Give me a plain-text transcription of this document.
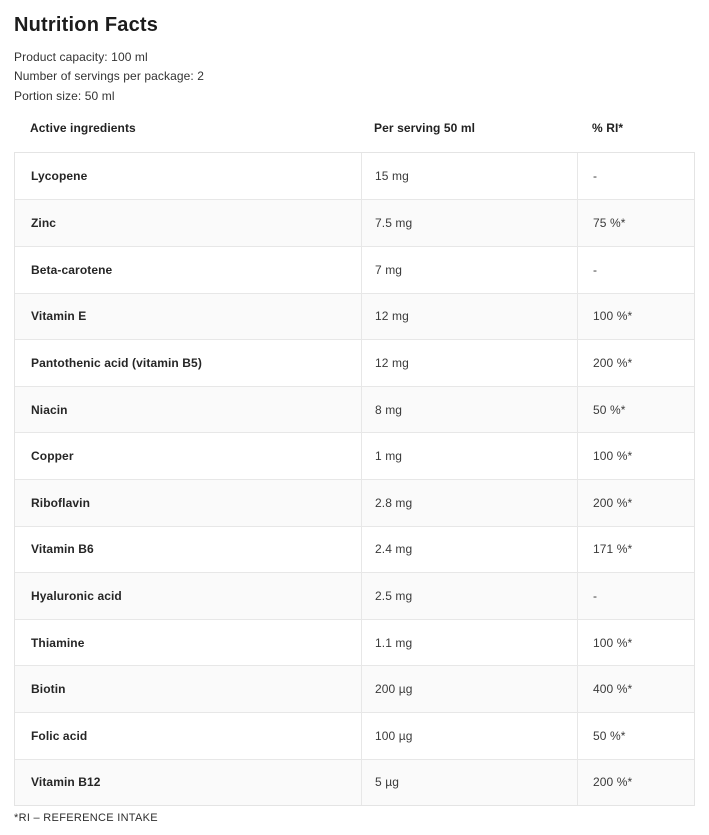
Nutrition Facts
Product capacity: 100 ml
Number of servings per package: 2
Portion size: 50 ml
Active ingredients	Per serving 50 ml	% RI*
Lycopene	15 mg	-
Zinc	7.5 mg	75 %*
Beta-carotene	7 mg	-
Vitamin E	12 mg	100 %*
Pantothenic acid (vitamin B5)	12 mg	200 %*
Niacin	8 mg	50 %*
Copper	1 mg	100 %*
Riboflavin	2.8 mg	200 %*
Vitamin B6	2.4 mg	171 %*
Hyaluronic acid	2.5 mg	-
Thiamine	1.1 mg	100 %*
Biotin	200 µg	400 %*
Folic acid	100 µg	50 %*
Vitamin B12	5 µg	200 %*
*RI – REFERENCE INTAKE
